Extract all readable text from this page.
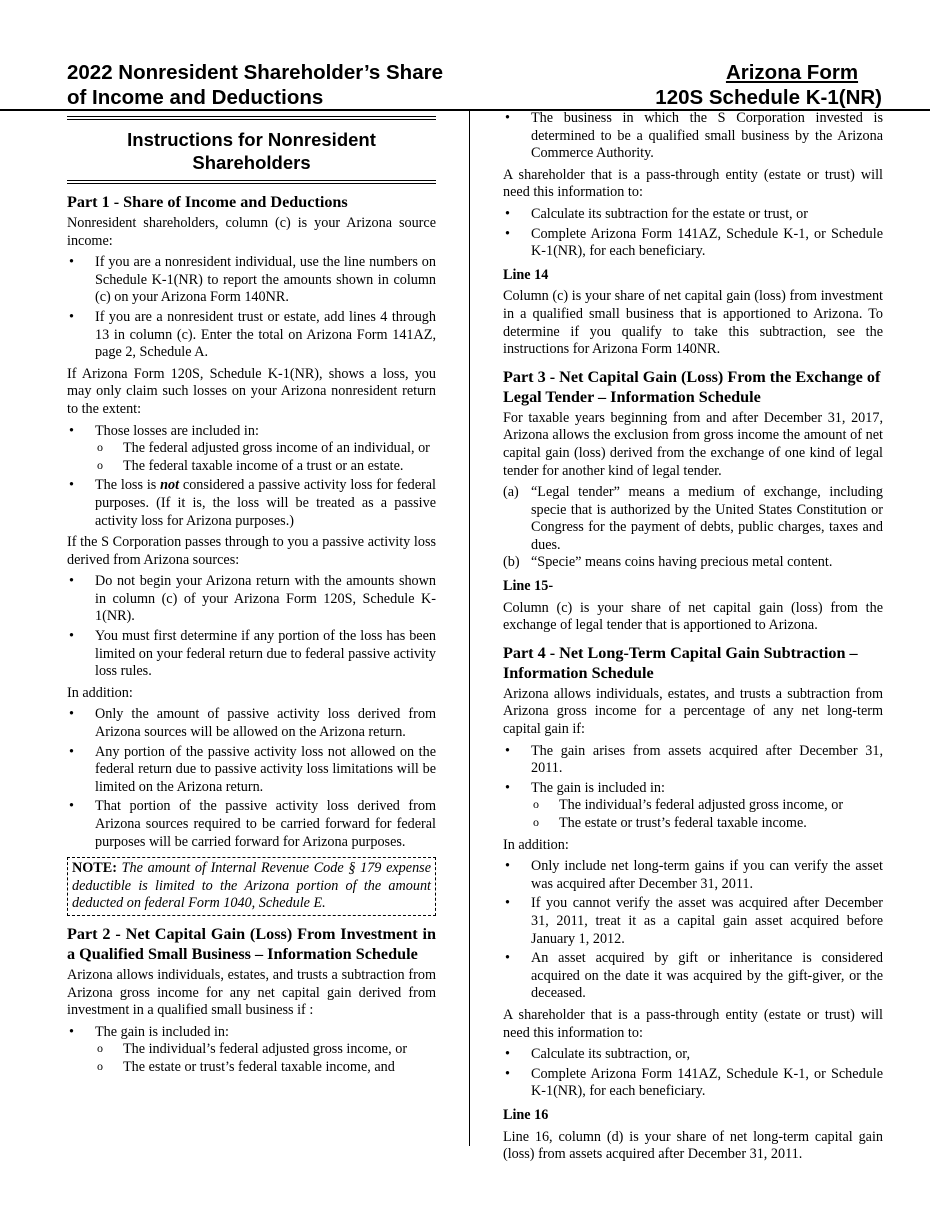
2022 Nonresident Shareholder’s Share
of Income and Deductions
Arizona Form
120S Schedule K-1(NR)
Instructions for Nonresident
Shareholders
Part 1 - Share of Income and Deductions

Nonresident shareholders, column (c) is your Arizona source income:

• If you are a nonresident individual, use the line numbers on Schedule K-1(NR) to report the amounts shown in column (c) on your Arizona Form 140NR.
• If you are a nonresident trust or estate, add lines 4 through 13 in column (c). Enter the total on Arizona Form 141AZ, page 2, Schedule A.

If Arizona Form 120S, Schedule K-1(NR), shows a loss, you may only claim such losses on your Arizona nonresident return to the extent:

• Those losses are included in:
o The federal adjusted gross income of an individual, or
o The federal taxable income of a trust or an estate.
• The loss is not considered a passive activity loss for federal purposes. (If it is, the loss will be treated as a passive activity loss for Arizona purposes.)

If the S Corporation passes through to you a passive activity loss derived from Arizona sources:

• Do not begin your Arizona return with the amounts shown in column (c) of your Arizona Form 120S, Schedule K-1(NR).
• You must first determine if any portion of the loss has been limited on your federal return due to federal passive activity loss rules.

In addition:

• Only the amount of passive activity loss derived from Arizona sources will be allowed on the Arizona return.
• Any portion of the passive activity loss not allowed on the federal return due to passive activity loss limitations will be limited on the Arizona return.
• That portion of the passive activity loss derived from Arizona sources required to be carried forward for federal purposes will be carried forward for Arizona purposes.
NOTE: The amount of Internal Revenue Code § 179 expense deductible is limited to the Arizona portion of the amount deducted on federal Form 1040, Schedule E.
Part 2 - Net Capital Gain (Loss) From Investment in a Qualified Small Business – Information Schedule

Arizona allows individuals, estates, and trusts a subtraction from Arizona gross income for any net capital gain derived from investment in a qualified small business if :

• The gain is included in:
o The individual’s federal adjusted gross income, or
o The estate or trust’s federal taxable income, and
• The business in which the S Corporation invested is determined to be a qualified small business by the Arizona Commerce Authority.

A shareholder that is a pass-through entity (estate or trust) will need this information to:

• Calculate its subtraction for the estate or trust, or
• Complete Arizona Form 141AZ, Schedule K-1, or Schedule K-1(NR), for each beneficiary.
Line 14

Column (c) is your share of net capital gain (loss) from investment in a qualified small business that is apportioned to Arizona. To determine if you qualify to take this subtraction, see the instructions for Arizona Form 140NR.

Part 3 - Net Capital Gain (Loss) From the Exchange of Legal Tender – Information Schedule

For taxable years beginning from and after December 31, 2017, Arizona allows the exclusion from gross income the amount of net capital gain (loss) derived from the exchange of one kind of legal tender for another kind of legal tender.

(a) “Legal tender” means a medium of exchange, including specie that is authorized by the United States Constitution or Congress for the payment of debts, public charges, taxes and dues.
(b) “Specie” means coins having precious metal content.
Line 15-

Column (c) is your share of net capital gain (loss) from the exchange of legal tender that is apportioned to Arizona.

Part 4 - Net Long-Term Capital Gain Subtraction – Information Schedule

Arizona allows individuals, estates, and trusts a subtraction from Arizona gross income for a percentage of any net long-term capital gain if:

• The gain arises from assets acquired after December 31, 2011.
• The gain is included in:
o The individual’s federal adjusted gross income, or
o The estate or trust’s federal taxable income.

In addition:

• Only include net long-term gains if you can verify the asset was acquired after December 31, 2011.
• If you cannot verify the asset was acquired after December 31, 2011, treat it as a capital gain asset acquired before January 1, 2012.
• An asset acquired by gift or inheritance is considered acquired on the date it was acquired by the gift-giver, or the deceased.

A shareholder that is a pass-through entity (estate or trust) will need this information to:

• Calculate its subtraction, or,
• Complete Arizona Form 141AZ, Schedule K-1, or Schedule K-1(NR), for each beneficiary.
Line 16

Line 16, column (d) is your share of net long-term capital gain (loss) from assets acquired after December 31, 2011.
